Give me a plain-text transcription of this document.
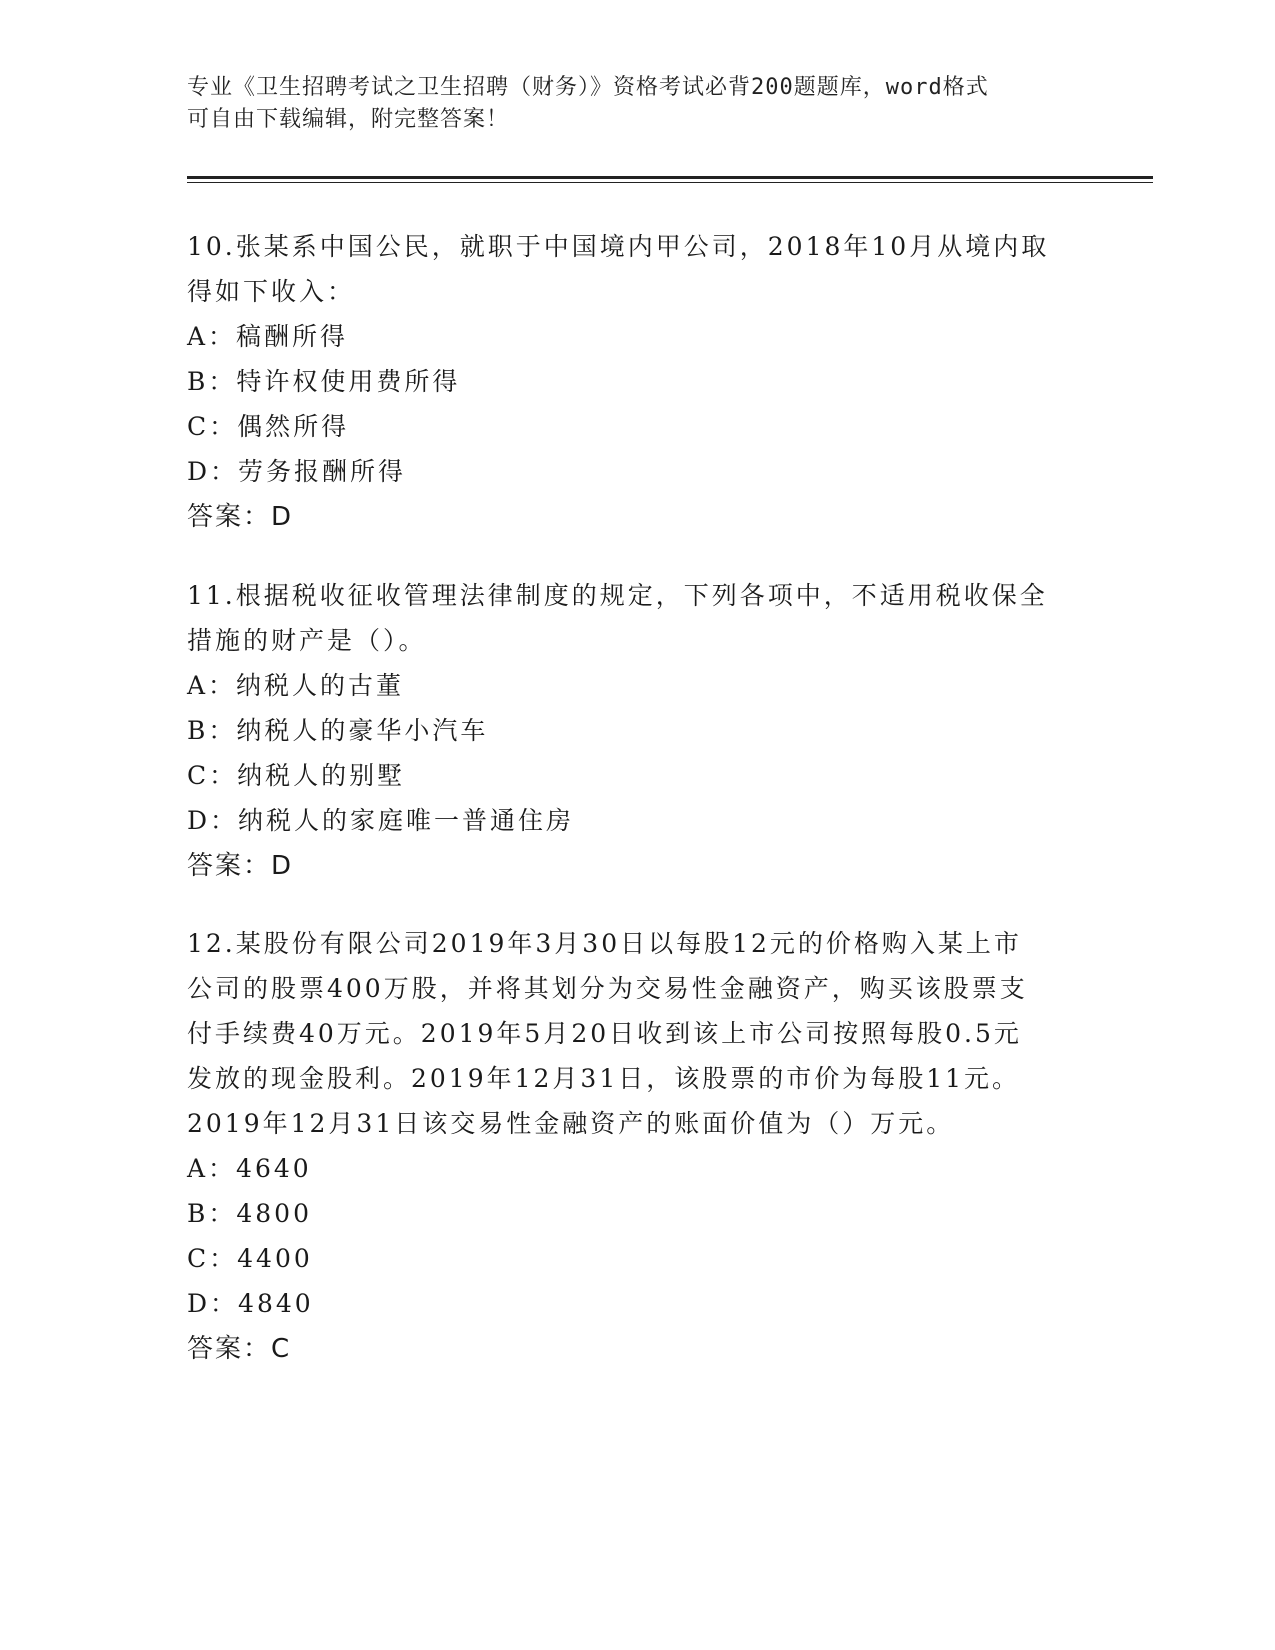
专业《卫生招聘考试之卫生招聘（财务）》资格考试必背200题题库，word格式
可自由下载编辑，附完整答案！
10.张某系中国公民，就职于中国境内甲公司，2018年10月从境内取
得如下收入：
A：稿酬所得
B：特许权使用费所得
C：偶然所得
D：劳务报酬所得
答案：D
11.根据税收征收管理法律制度的规定，下列各项中，不适用税收保全
措施的财产是（）。
A：纳税人的古董
B：纳税人的豪华小汽车
C：纳税人的别墅
D：纳税人的家庭唯一普通住房
答案：D
12.某股份有限公司2019年3月30日以每股12元的价格购入某上市
公司的股票400万股，并将其划分为交易性金融资产，购买该股票支
付手续费40万元。2019年5月20日收到该上市公司按照每股0.5元
发放的现金股利。2019年12月31日，该股票的市价为每股11元。
2019年12月31日该交易性金融资产的账面价值为（）万元。
A：4640
B：4800
C：4400
D：4840
答案：C
